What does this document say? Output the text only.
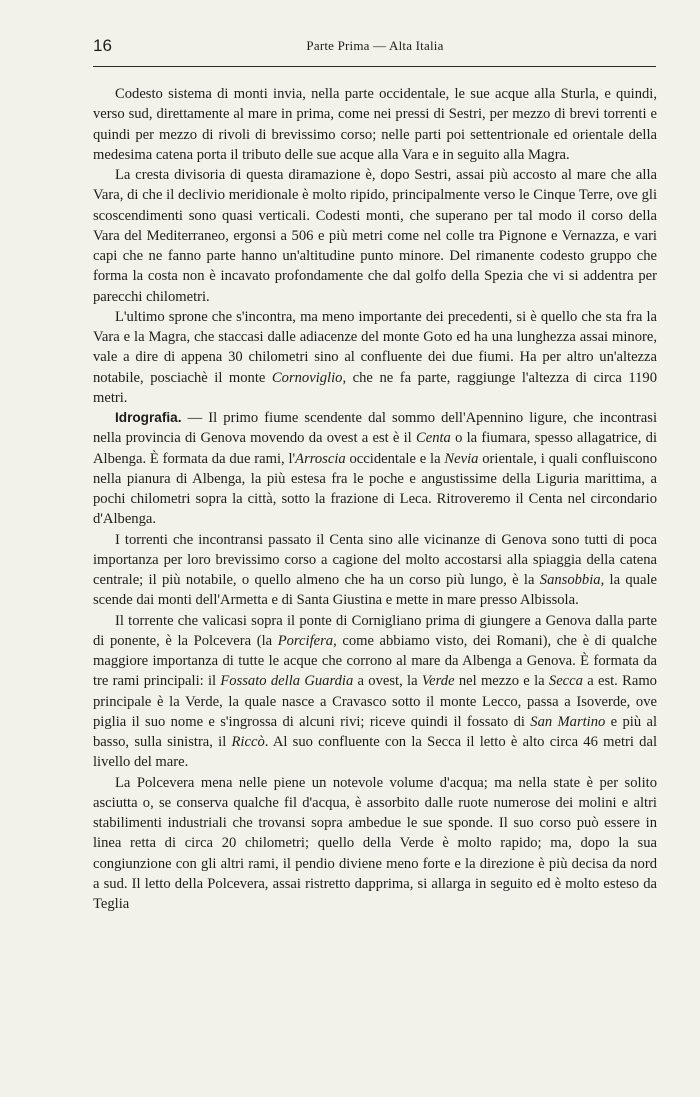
16	Parte Prima — Alta Italia

Codesto sistema di monti invia, nella parte occidentale, le sue acque alla Sturla, e quindi, verso sud, direttamente al mare in prima, come nei pressi di Sestri, per mezzo di brevi torrenti e quindi per mezzo di rivoli di brevissimo corso; nelle parti poi settentrionale ed orientale della medesima catena porta il tributo delle sue acque alla Vara e in seguito alla Magra.

La cresta divisoria di questa diramazione è, dopo Sestri, assai più accosto al mare che alla Vara, di che il declivio meridionale è molto ripido, principalmente verso le Cinque Terre, ove gli scoscendimenti sono quasi verticali. Codesti monti, che superano per tal modo il corso della Vara del Mediterraneo, ergonsi a 506 e più metri come nel colle tra Pignone e Vernazza, e vari capi che ne fanno parte hanno un'altitudine punto minore. Del rimanente codesto gruppo che forma la costa non è incavato profondamente che dal golfo della Spezia che vi si addentra per parecchi chilometri.

L'ultimo sprone che s'incontra, ma meno importante dei precedenti, si è quello che sta fra la Vara e la Magra, che staccasi dalle adiacenze del monte Goto ed ha una lunghezza assai minore, vale a dire di appena 30 chilometri sino al confluente dei due fiumi. Ha per altro un'altezza notabile, posciachè il monte Cornoviglio, che ne fa parte, raggiunge l'altezza di circa 1190 metri.

Idrografia. — Il primo fiume scendente dal sommo dell'Apennino ligure, che incontrasi nella provincia di Genova movendo da ovest a est è il Centa o la fiumara, spesso allagatrice, di Albenga. È formata da due rami, l'Arroscia occidentale e la Nevia orientale, i quali confluiscono nella pianura di Albenga, la più estesa fra le poche e angustissime della Liguria marittima, a pochi chilometri sopra la città, sotto la frazione di Leca. Ritroveremo il Centa nel circondario d'Albenga.

I torrenti che incontransi passato il Centa sino alle vicinanze di Genova sono tutti di poca importanza per loro brevissimo corso a cagione del molto accostarsi alla spiaggia della catena centrale; il più notabile, o quello almeno che ha un corso più lungo, è la Sansobbia, la quale scende dai monti dell'Armetta e di Santa Giustina e mette in mare presso Albissola.

Il torrente che valicasi sopra il ponte di Cornigliano prima di giungere a Genova dalla parte di ponente, è la Polcevera (la Porcifera, come abbiamo visto, dei Romani), che è di qualche maggiore importanza di tutte le acque che corrono al mare da Albenga a Genova. È formata da tre rami principali: il Fossato della Guardia a ovest, la Verde nel mezzo e la Secca a est. Ramo principale è la Verde, la quale nasce a Cravasco sotto il monte Lecco, passa a Isoverde, ove piglia il suo nome e s'ingrossa di alcuni rivi; riceve quindi il fossato di San Martino e più al basso, sulla sinistra, il Riccò. Al suo confluente con la Secca il letto è alto circa 46 metri dal livello del mare.

La Polcevera mena nelle piene un notevole volume d'acqua; ma nella state è per solito asciutta o, se conserva qualche fil d'acqua, è assorbito dalle ruote numerose dei molini e altri stabilimenti industriali che trovansi sopra ambedue le sue sponde. Il suo corso può essere in linea retta di circa 20 chilometri; quello della Verde è molto rapido; ma, dopo la sua congiunzione con gli altri rami, il pendio diviene meno forte e la direzione è più decisa da nord a sud. Il letto della Polcevera, assai ristretto dapprima, si allarga in seguito ed è molto esteso da Teglia
